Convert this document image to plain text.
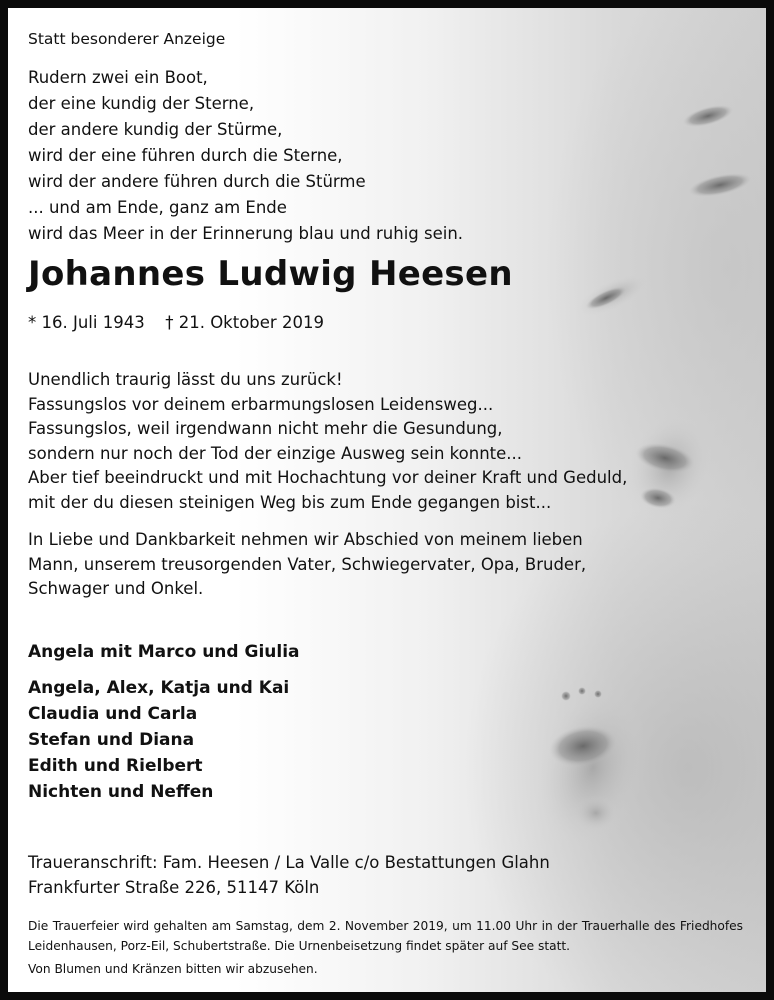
Statt besonderer Anzeige
Rudern zwei ein Boot,
der eine kundig der Sterne,
der andere kundig der Stürme,
wird der eine führen durch die Sterne,
wird der andere führen durch die Stürme
... und am Ende, ganz am Ende
wird das Meer in der Erinnerung blau und ruhig sein.
Johannes Ludwig Heesen
* 16. Juli 1943 † 21. Oktober 2019
Unendlich traurig lässt du uns zurück!
Fassungslos vor deinem erbarmungslosen Leidensweg...
Fassungslos, weil irgendwann nicht mehr die Gesundung,
sondern nur noch der Tod der einzige Ausweg sein konnte...
Aber tief beeindruckt und mit Hochachtung vor deiner Kraft und Geduld,
mit der du diesen steinigen Weg bis zum Ende gegangen bist...
In Liebe und Dankbarkeit nehmen wir Abschied von meinem lieben
Mann, unserem treusorgenden Vater, Schwiegervater, Opa, Bruder,
Schwager und Onkel.
Angela mit Marco und Giulia
Angela, Alex, Katja und Kai
Claudia und Carla
Stefan und Diana
Edith und Rielbert
Nichten und Neffen
Traueranschrift: Fam. Heesen / La Valle c/o Bestattungen Glahn
Frankfurter Straße 226, 51147 Köln

Die Trauerfeier wird gehalten am Samstag, dem 2. November 2019, um 11.00 Uhr in der Trauerhalle des Friedhofes Leidenhausen, Porz-Eil, Schubertstraße. Die Urnenbeisetzung findet später auf See statt.

Von Blumen und Kränzen bitten wir abzusehen.
